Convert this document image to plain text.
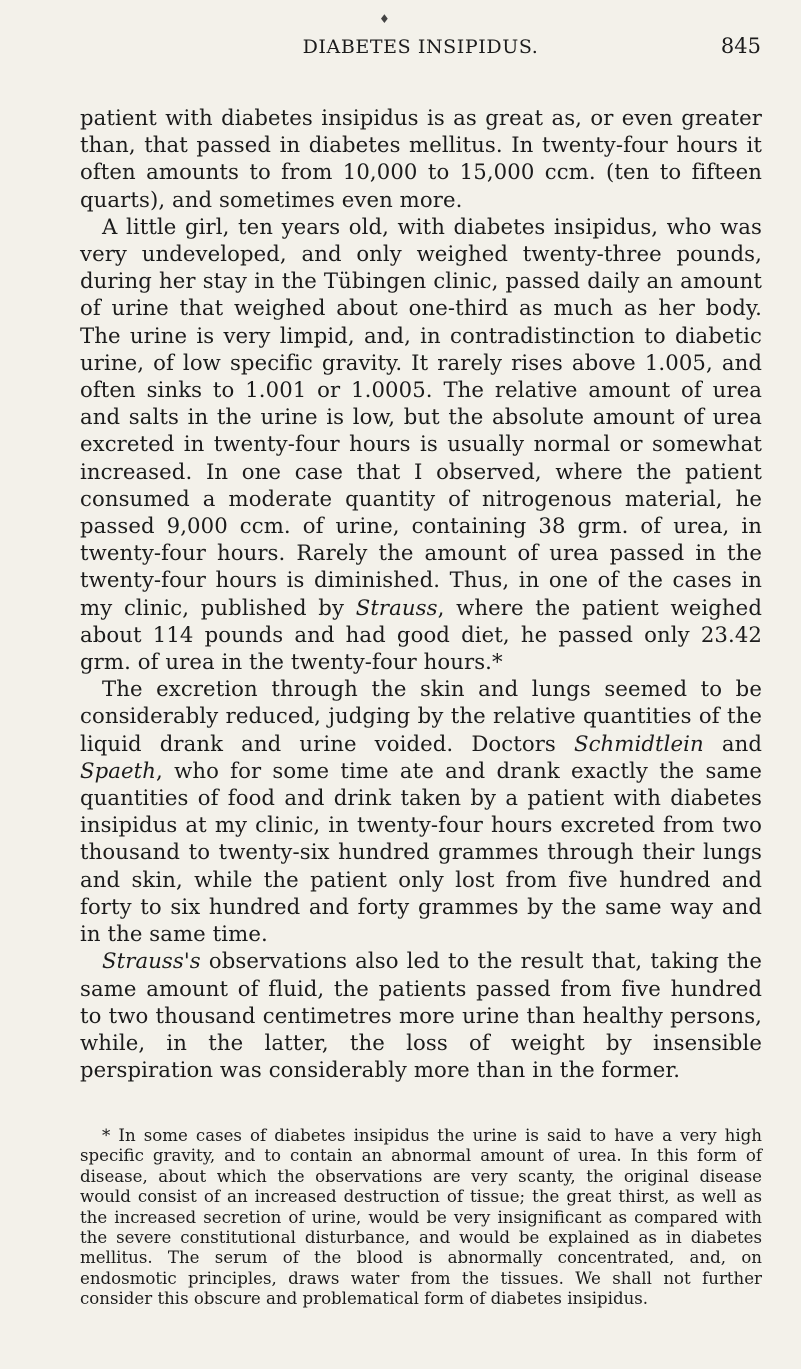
♦
DIABETES INSIPIDUS.	845

patient with diabetes insipidus is as great as, or even greater than, that passed in diabetes mellitus. In twenty-four hours it often amounts to from 10,000 to 15,000 ccm. (ten to fifteen quarts), and sometimes even more.

A little girl, ten years old, with diabetes insipidus, who was very undeveloped, and only weighed twenty-three pounds, during her stay in the Tübingen clinic, passed daily an amount of urine that weighed about one-third as much as her body. The urine is very limpid, and, in contradistinction to diabetic urine, of low specific gravity. It rarely rises above 1.005, and often sinks to 1.001 or 1.0005. The relative amount of urea and salts in the urine is low, but the absolute amount of urea excreted in twenty-four hours is usually normal or somewhat increased. In one case that I observed, where the patient consumed a moderate quantity of nitrogenous material, he passed 9,000 ccm. of urine, containing 38 grm. of urea, in twenty-four hours. Rarely the amount of urea passed in the twenty-four hours is diminished. Thus, in one of the cases in my clinic, published by Strauss, where the patient weighed about 114 pounds and had good diet, he passed only 23.42 grm. of urea in the twenty-four hours.*

The excretion through the skin and lungs seemed to be considerably reduced, judging by the relative quantities of the liquid drank and urine voided. Doctors Schmidtlein and Spaeth, who for some time ate and drank exactly the same quantities of food and drink taken by a patient with diabetes insipidus at my clinic, in twenty-four hours excreted from two thousand to twenty-six hundred grammes through their lungs and skin, while the patient only lost from five hundred and forty to six hundred and forty grammes by the same way and in the same time.

Strauss's observations also led to the result that, taking the same amount of fluid, the patients passed from five hundred to two thousand centimetres more urine than healthy persons, while, in the latter, the loss of weight by insensible perspiration was considerably more than in the former.

* In some cases of diabetes insipidus the urine is said to have a very high specific gravity, and to contain an abnormal amount of urea. In this form of disease, about which the observations are very scanty, the original disease would consist of an increased destruction of tissue; the great thirst, as well as the increased secretion of urine, would be very insignificant as compared with the severe constitutional disturbance, and would be explained as in diabetes mellitus. The serum of the blood is abnormally concentrated, and, on endosmotic principles, draws water from the tissues. We shall not further consider this obscure and problematical form of diabetes insipidus.
